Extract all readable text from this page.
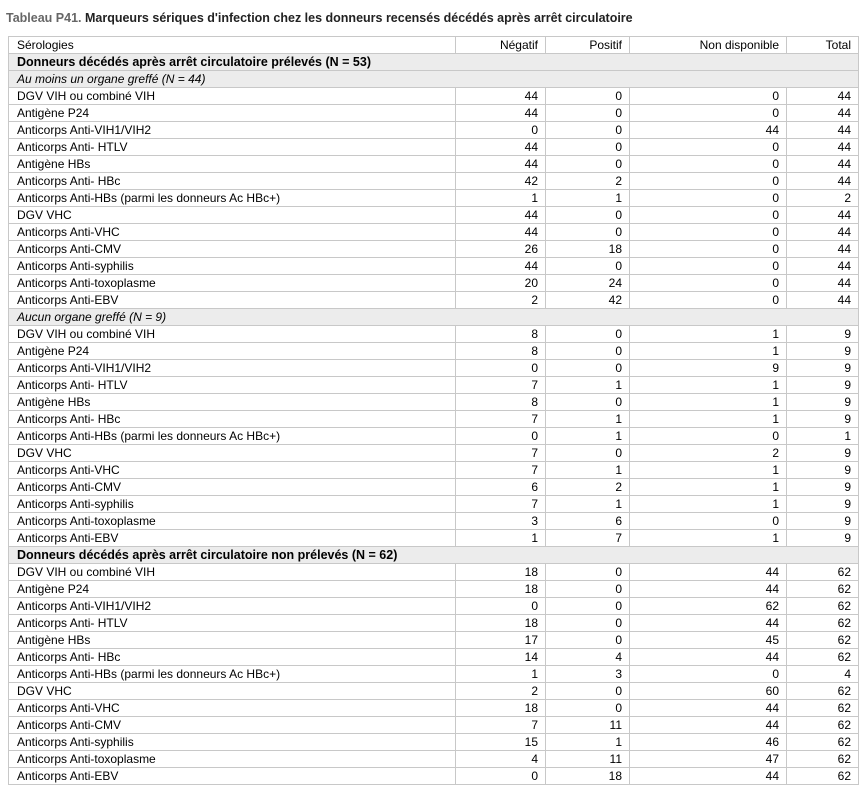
Tableau P41. Marqueurs sériques d'infection chez les donneurs recensés décédés après arrêt circulatoire
Sérologies	Négatif	Positif	Non disponible	Total
Donneurs décédés après arrêt circulatoire prélevés (N = 53)				
Au moins un organe greffé (N = 44)				
DGV VIH ou combiné VIH	44	0	0	44
Antigène P24	44	0	0	44
Anticorps Anti-VIH1/VIH2	0	0	44	44
Anticorps Anti- HTLV	44	0	0	44
Antigène HBs	44	0	0	44
Anticorps Anti- HBc	42	2	0	44
Anticorps Anti-HBs (parmi les donneurs Ac HBc+)	1	1	0	2
DGV VHC	44	0	0	44
Anticorps Anti-VHC	44	0	0	44
Anticorps Anti-CMV	26	18	0	44
Anticorps Anti-syphilis	44	0	0	44
Anticorps Anti-toxoplasme	20	24	0	44
Anticorps Anti-EBV	2	42	0	44
Aucun organe greffé (N = 9)				
DGV VIH ou combiné VIH	8	0	1	9
Antigène P24	8	0	1	9
Anticorps Anti-VIH1/VIH2	0	0	9	9
Anticorps Anti- HTLV	7	1	1	9
Antigène HBs	8	0	1	9
Anticorps Anti- HBc	7	1	1	9
Anticorps Anti-HBs (parmi les donneurs Ac HBc+)	0	1	0	1
DGV VHC	7	0	2	9
Anticorps Anti-VHC	7	1	1	9
Anticorps Anti-CMV	6	2	1	9
Anticorps Anti-syphilis	7	1	1	9
Anticorps Anti-toxoplasme	3	6	0	9
Anticorps Anti-EBV	1	7	1	9
Donneurs décédés après arrêt circulatoire non prélevés (N = 62)				
DGV VIH ou combiné VIH	18	0	44	62
Antigène P24	18	0	44	62
Anticorps Anti-VIH1/VIH2	0	0	62	62
Anticorps Anti- HTLV	18	0	44	62
Antigène HBs	17	0	45	62
Anticorps Anti- HBc	14	4	44	62
Anticorps Anti-HBs (parmi les donneurs Ac HBc+)	1	3	0	4
DGV VHC	2	0	60	62
Anticorps Anti-VHC	18	0	44	62
Anticorps Anti-CMV	7	11	44	62
Anticorps Anti-syphilis	15	1	46	62
Anticorps Anti-toxoplasme	4	11	47	62
Anticorps Anti-EBV	0	18	44	62
